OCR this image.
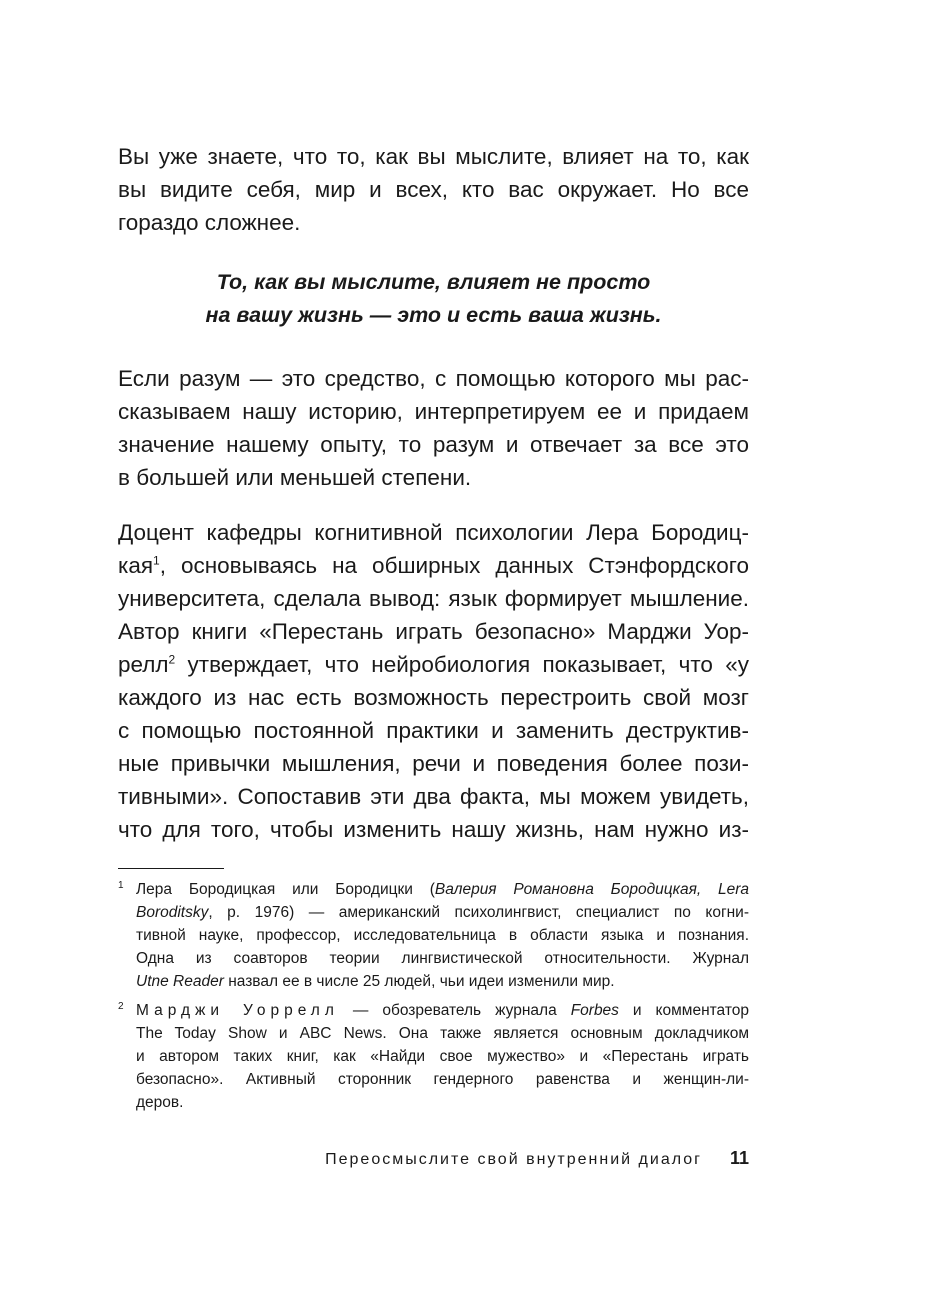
Вы уже знаете, что то, как вы мыслите, влияет на то, как
вы видите себя, мир и всех, кто вас окружает. Но все
гораздо сложнее.

То, как вы мыслите, влияет не просто
на вашу жизнь — это и есть ваша жизнь.

Если разум — это средство, с помощью которого мы рас-
сказываем нашу историю, интерпретируем ее и придаем
значение нашему опыту, то разум и отвечает за все это
в большей или меньшей степени.

Доцент кафедры когнитивной психологии Лера Бородиц-
кая$^1$, основываясь на обширных данных Стэнфордского
университета, сделала вывод: язык формирует мышление.
Автор книги «Перестань играть безопасно» Марджи Уор-
релл$^2$ утверждает, что нейробиология показывает, что «у
каждого из нас есть возможность перестроить свой мозг
с помощью постоянной практики и заменить деструктив-
ные привычки мышления, речи и поведения более пози-
тивными». Сопоставив эти два факта, мы можем увидеть,
что для того, чтобы изменить нашу жизнь, нам нужно из-

1 Лера Бородицкая или Бородицки (Валерия Романовна Бородицкая, Lera
Boroditsky, р. 1976) — американский психолингвист, специалист по когни-
тивной науке, профессор, исследовательница в области языка и познания.
Одна из соавторов теории лингвистической относительности. Журнал
Utne Reader назвал ее в числе 25 людей, чьи идеи изменили мир.

2 Марджи Уоррелл — обозреватель журнала Forbes и комментатор
The Today Show и ABC News. Она также является основным докладчиком
и автором таких книг, как «Найди свое мужество» и «Перестань играть
безопасно». Активный сторонник гендерного равенства и женщин-ли-
деров.

Переосмыслите свой внутренний диалог 11
